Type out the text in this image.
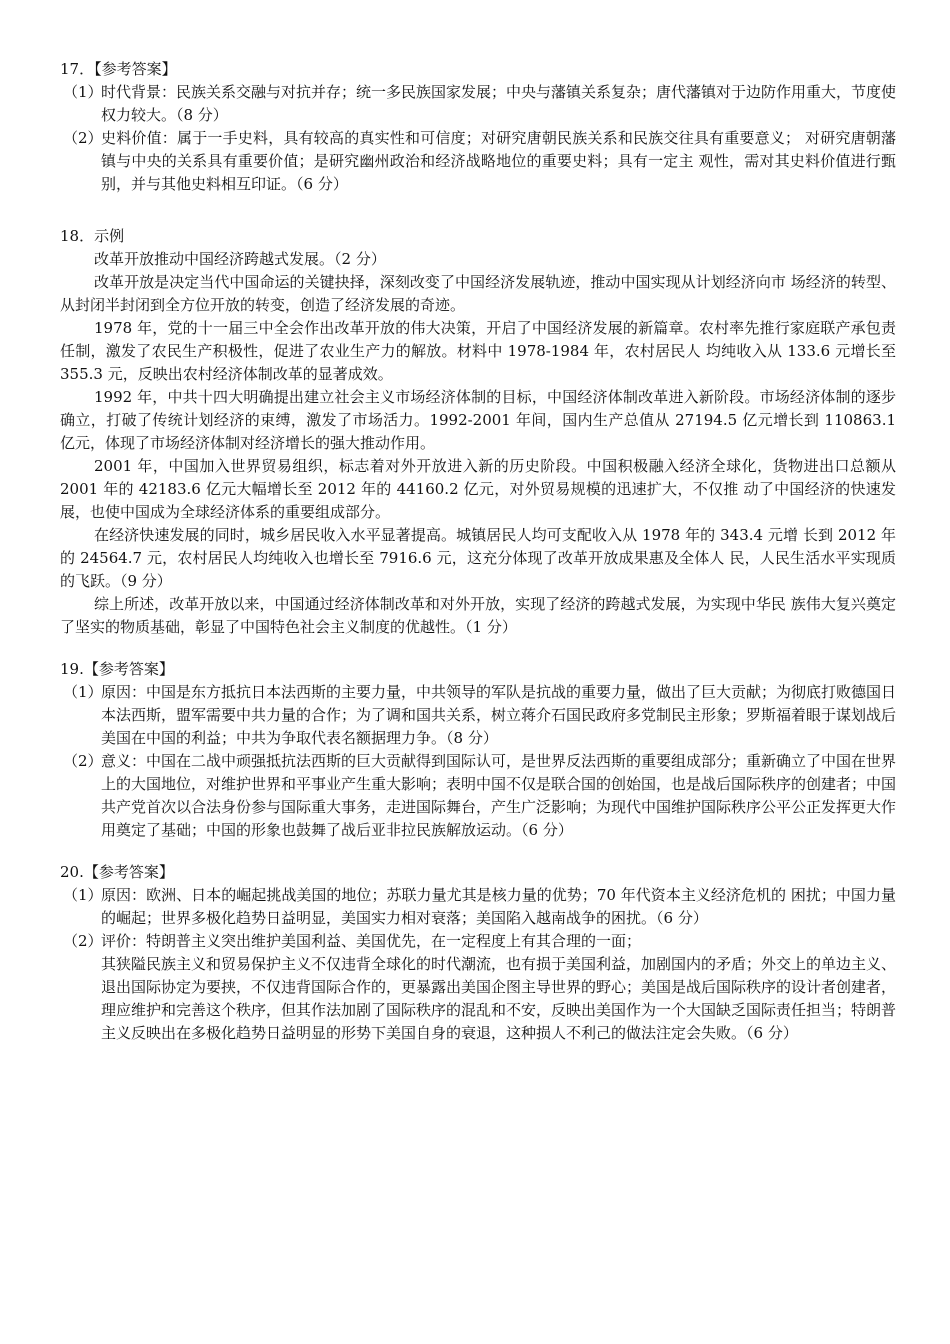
17．【参考答案】
（1）
时代背景：民族关系交融与对抗并存；统一多民族国家发展；中央与藩镇关系复杂；唐代藩镇对于边防作用重大，节度使权力较大。（8 分）
（2）
史料价值：属于一手史料，具有较高的真实性和可信度；对研究唐朝民族关系和民族交往具有重要意义； 对研究唐朝藩镇与中央的关系具有重要价值；是研究幽州政治和经济战略地位的重要史料；具有一定主 观性，需对其史料价值进行甄别，并与其他史料相互印证。（6 分）
18．示例
改革开放推动中国经济跨越式发展。（2 分）
改革开放是决定当代中国命运的关键抉择，深刻改变了中国经济发展轨迹，推动中国实现从计划经济向市 场经济的转型、从封闭半封闭到全方位开放的转变，创造了经济发展的奇迹。
1978 年，党的十一届三中全会作出改革开放的伟大决策，开启了中国经济发展的新篇章。农村率先推行家庭联产承包责任制，激发了农民生产积极性，促进了农业生产力的解放。材料中 1978-1984 年，农村居民人 均纯收入从 133.6 元增长至 355.3 元，反映出农村经济体制改革的显著成效。
1992 年，中共十四大明确提出建立社会主义市场经济体制的目标，中国经济体制改革进入新阶段。市场经济体制的逐步确立，打破了传统计划经济的束缚，激发了市场活力。1992-2001 年间，国内生产总值从 27194.5 亿元增长到 110863.1 亿元，体现了市场经济体制对经济增长的强大推动作用。
2001 年，中国加入世界贸易组织，标志着对外开放进入新的历史阶段。中国积极融入经济全球化，货物进出口总额从 2001 年的 42183.6 亿元大幅增长至 2012 年的 44160.2 亿元，对外贸易规模的迅速扩大，不仅推 动了中国经济的快速发展，也使中国成为全球经济体系的重要组成部分。
在经济快速发展的同时，城乡居民收入水平显著提高。城镇居民人均可支配收入从 1978 年的 343.4 元增 长到 2012 年的 24564.7 元，农村居民人均纯收入也增长至 7916.6 元，这充分体现了改革开放成果惠及全体人 民，人民生活水平实现质的飞跃。（9 分）
综上所述，改革开放以来，中国通过经济体制改革和对外开放，实现了经济的跨越式发展，为实现中华民 族伟大复兴奠定了坚实的物质基础，彰显了中国特色社会主义制度的优越性。（1 分）
19.【参考答案】
（1）
原因：中国是东方抵抗日本法西斯的主要力量，中共领导的军队是抗战的重要力量，做出了巨大贡献；为彻底打败德国日本法西斯，盟军需要中共力量的合作；为了调和国共关系，树立蒋介石国民政府多党制民主形象；罗斯福着眼于谋划战后美国在中国的利益；中共为争取代表名额据理力争。（8 分）
（2）
意义：中国在二战中顽强抵抗法西斯的巨大贡献得到国际认可，是世界反法西斯的重要组成部分；重新确立了中国在世界上的大国地位，对维护世界和平事业产生重大影响；表明中国不仅是联合国的创始国，也是战后国际秩序的创建者；中国共产党首次以合法身份参与国际重大事务，走进国际舞台，产生广泛影响；为现代中国维护国际秩序公平公正发挥更大作用奠定了基础；中国的形象也鼓舞了战后亚非拉民族解放运动。（6 分）
20.【参考答案】
（1）
原因：欧洲、日本的崛起挑战美国的地位；苏联力量尤其是核力量的优势；70 年代资本主义经济危机的 困扰；中国力量的崛起；世界多极化趋势日益明显，美国实力相对衰落；美国陷入越南战争的困扰。（6 分）
（2）
评价：特朗普主义突出维护美国利益、美国优先，在一定程度上有其合理的一面；
其狭隘民族主义和贸易保护主义不仅违背全球化的时代潮流，也有损于美国利益，加剧国内的矛盾；外交上的单边主义、退出国际协定为要挟，不仅违背国际合作的，更暴露出美国企图主导世界的野心；美国是战后国际秩序的设计者创建者，理应维护和完善这个秩序，但其作法加剧了国际秩序的混乱和不安，反映出美国作为一个大国缺乏国际责任担当；特朗普主义反映出在多极化趋势日益明显的形势下美国自身的衰退，这种损人不利己的做法注定会失败。（6 分）
